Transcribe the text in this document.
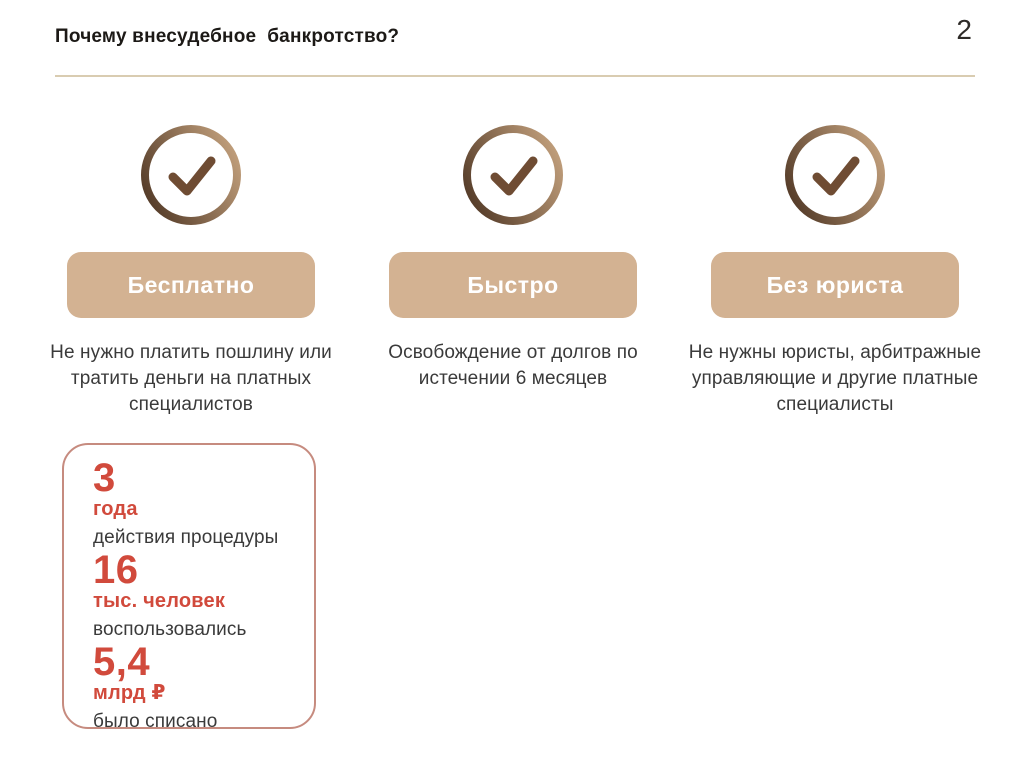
Почему внесудебное  банкротство?	2
Бесплатно
Не нужно платить пошлину или тратить деньги на платных специалистов
Быстро
Освобождение от долгов по истечении 6 месяцев
Без юриста
Не нужны юристы, арбитражные управляющие и другие платные специалисты
3
года
действия процедуры
16
тыс. человек
воспользовались
5,4
млрд ₽
было списано
